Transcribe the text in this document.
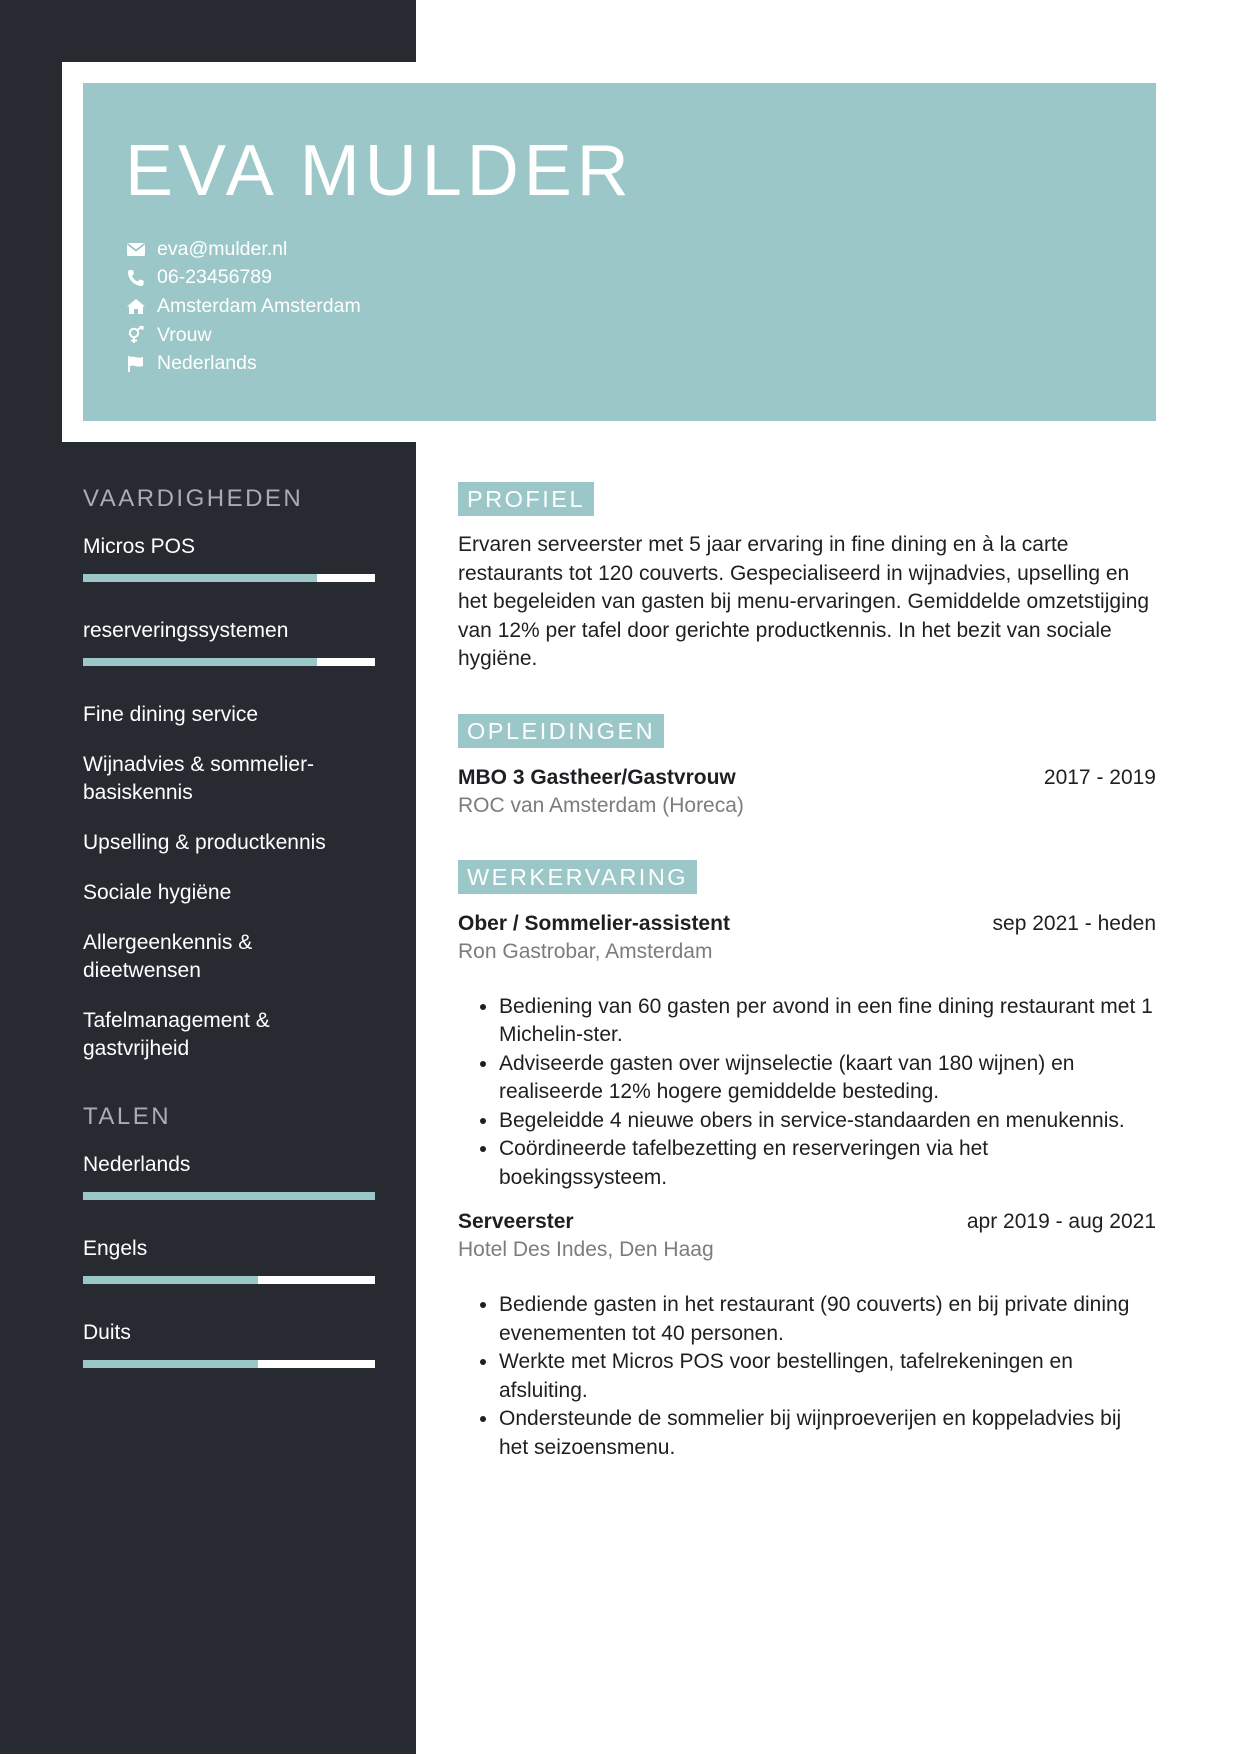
EVA MULDER
eva@mulder.nl
06-23456789
Amsterdam Amsterdam
Vrouw
Nederlands
VAARDIGHEDEN
Micros POS
reserveringssystemen
Fine dining service
Wijnadvies & sommelier-basiskennis
Upselling & productkennis
Sociale hygiëne
Allergeenkennis & dieetwensen
Tafelmanagement & gastvrijheid
TALEN
Nederlands
Engels
Duits
PROFIEL

Ervaren serveerster met 5 jaar ervaring in fine dining en à la carte restaurants tot 120 couverts. Gespecialiseerd in wijnadvies, upselling en het begeleiden van gasten bij menu-ervaringen. Gemiddelde omzetstijging van 12% per tafel door gerichte productkennis. In het bezit van sociale hygiëne.

OPLEIDINGEN
MBO 3 Gastheer/Gastvrouw	2017 - 2019
ROC van Amsterdam (Horeca)
WERKERVARING
Ober / Sommelier-assistent	sep 2021 - heden
Ron Gastrobar, Amsterdam
• Bediening van 60 gasten per avond in een fine dining restaurant met 1 Michelin-ster.
• Adviseerde gasten over wijnselectie (kaart van 180 wijnen) en realiseerde 12% hogere gemiddelde besteding.
• Begeleidde 4 nieuwe obers in service-standaarden en menukennis.
• Coördineerde tafelbezetting en reserveringen via het boekingssysteem.
Serveerster	apr 2019 - aug 2021
Hotel Des Indes, Den Haag
• Bediende gasten in het restaurant (90 couverts) en bij private dining evenementen tot 40 personen.
• Werkte met Micros POS voor bestellingen, tafelrekeningen en afsluiting.
• Ondersteunde de sommelier bij wijnproeverijen en koppeladvies bij het seizoensmenu.
